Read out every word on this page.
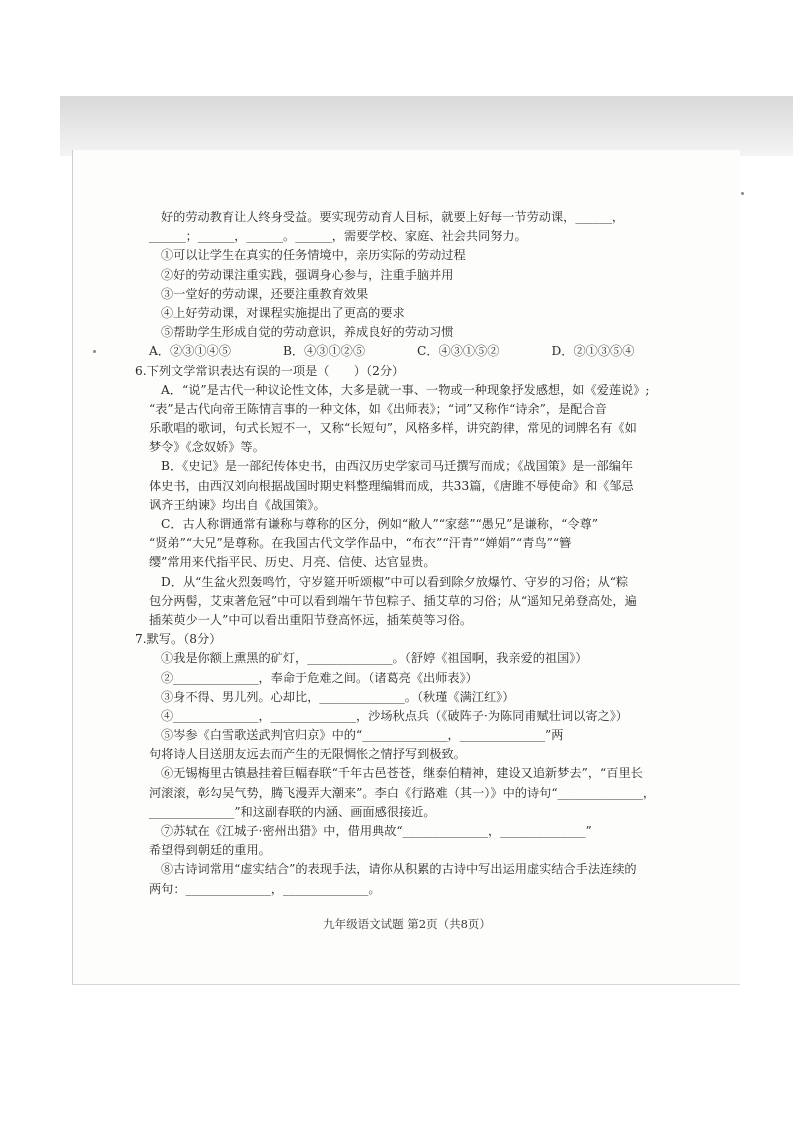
好的劳动教育让人终身受益。要实现劳动育人目标，就要上好每一节劳动课，______，
______；______，______。______，需要学校、家庭、社会共同努力。
①可以让学生在真实的任务情境中，亲历实际的劳动过程
②好的劳动课注重实践，强调身心参与，注重手脑并用
③一堂好的劳动课，还要注重教育效果
④上好劳动课，对课程实施提出了更高的要求
⑤帮助学生形成自觉的劳动意识，养成良好的劳动习惯
A．②③①④⑤	B．④③①②⑤	C．④③①⑤②	D．②①③⑤④
6.下列文学常识表达有误的一项是（　　）（2分）
A．“说”是古代一种议论性文体，大多是就一事、一物或一种现象抒发感想，如《爱莲说》;
“表”是古代向帝王陈情言事的一种文体，如《出师表》；“词”又称作“诗余”，是配合音
乐歌唱的歌词，句式长短不一，又称“长短句”，风格多样，讲究韵律，常见的词牌名有《如
梦令》《念奴娇》等。
B．《史记》是一部纪传体史书，由西汉历史学家司马迁撰写而成；《战国策》是一部编年
体史书，由西汉刘向根据战国时期史料整理编辑而成，共33篇，《唐雎不辱使命》和《邹忌
讽齐王纳谏》均出自《战国策》。
C．古人称谓通常有谦称与尊称的区分，例如“敝人”“家慈”“愚兄”是谦称，“令尊”
“贤弟”“大兄”是尊称。在我国古代文学作品中，“布衣”“汗青”“婵娟”“青鸟”“簪
缨”常用来代指平民、历史、月亮、信使、达官显贵。
D．从“生盆火烈轰鸣竹，守岁筵开听颂椒”中可以看到除夕放爆竹、守岁的习俗；从“粽
包分两髻，艾束著危冠”中可以看到端午节包粽子、插艾草的习俗；从“遥知兄弟登高处，遍
插茱萸少一人”中可以看出重阳节登高怀远，插茱萸等习俗。
7.默写。（8分）
①我是你额上熏黑的矿灯，______________。（舒婷《祖国啊，我亲爱的祖国》）
②______________，奉命于危难之间。（诸葛亮《出师表》）
③身不得、男儿列。心却比，______________。（秋瑾《满江红》）
④______________，______________，沙场秋点兵（《破阵子·为陈同甫赋壮词以寄之》）
⑤岑参《白雪歌送武判官归京》中的“______________，______________”两
句将诗人目送朋友远去而产生的无限惆怅之情抒写到极致。
⑥无锡梅里古镇悬挂着巨幅春联“千年古邑苍苍，继泰伯精神，建设又追新梦去”，“百里长
河滚滚，彰勾吴气势，腾飞漫弄大潮来”。李白《行路难（其一）》中的诗句“______________，
______________”和这副春联的内涵、画面感很接近。
⑦苏轼在《江城子·密州出猎》中，借用典故“______________，______________”
希望得到朝廷的重用。
⑧古诗词常用“虚实结合”的表现手法，请你从积累的古诗中写出运用虚实结合手法连续的
两句：______________，______________。
九年级语文试题 第2页（共8页）
